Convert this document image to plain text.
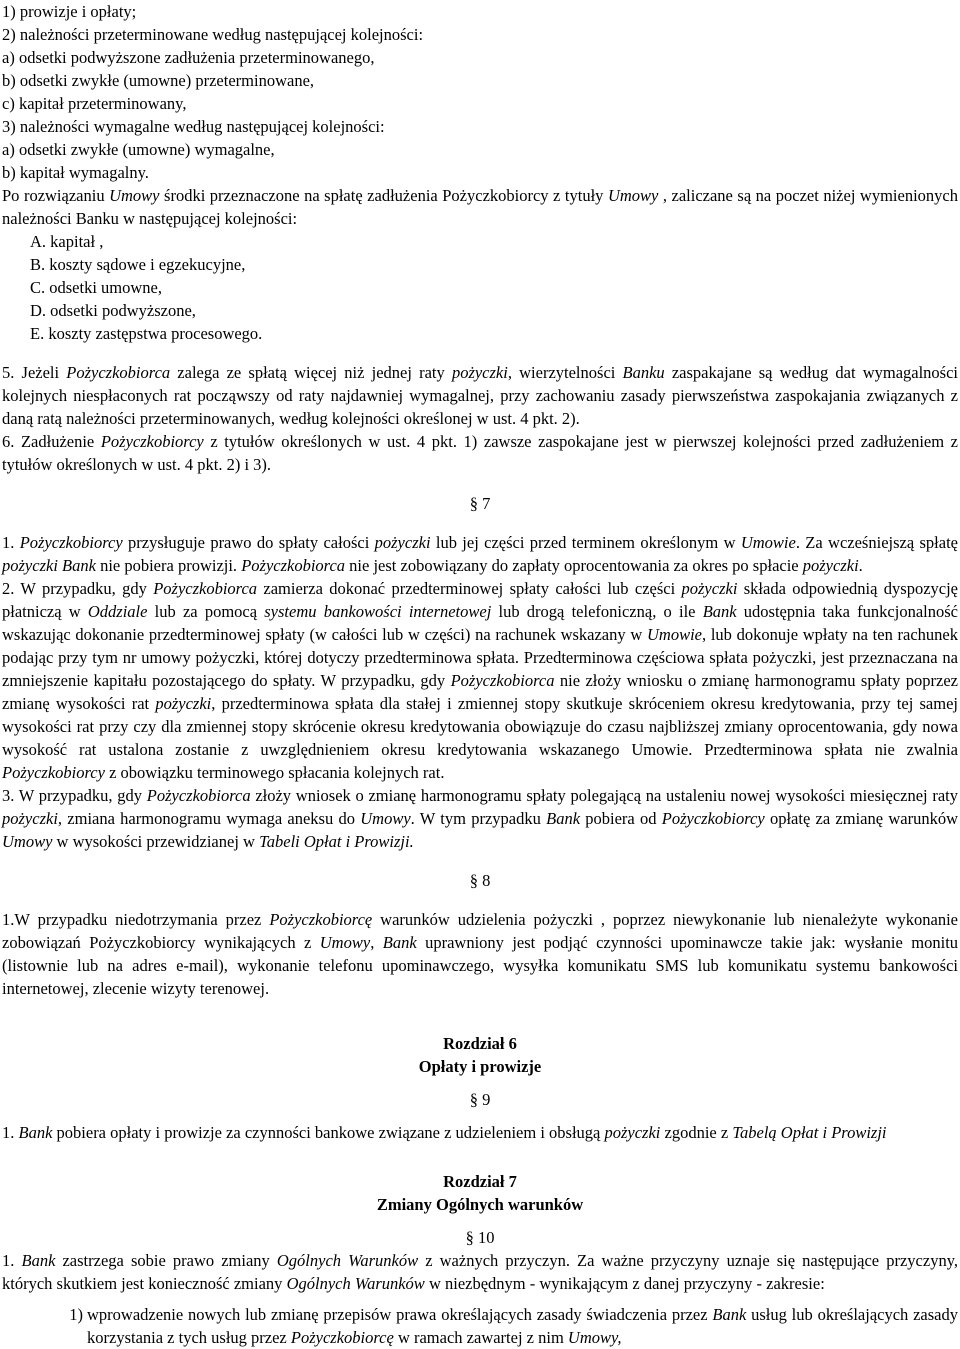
1) prowizje i opłaty;

2) należności przeterminowane według następującej kolejności:

a) odsetki podwyższone zadłużenia przeterminowanego,

b) odsetki zwykłe (umowne) przeterminowane,

c) kapitał przeterminowany,

3) należności wymagalne według następującej kolejności:

a) odsetki zwykłe (umowne) wymagalne,

b) kapitał wymagalny.

Po rozwiązaniu Umowy środki przeznaczone na spłatę zadłużenia Pożyczkobiorcy z tytuły Umowy , zaliczane są na poczet niżej wymienionych należności Banku w następującej kolejności:

A. kapitał ,

B. koszty sądowe i egzekucyjne,

C. odsetki umowne,

D. odsetki podwyższone,

E. koszty zastępstwa procesowego.

5. Jeżeli Pożyczkobiorca zalega ze spłatą więcej niż jednej raty pożyczki, wierzytelności Banku zaspakajane są według dat wymagalności kolejnych niespłaconych rat począwszy od raty najdawniej wymagalnej, przy zachowaniu zasady pierwszeństwa zaspokajania związanych z daną ratą należności przeterminowanych, według kolejności określonej w ust. 4 pkt. 2).

6. Zadłużenie Pożyczkobiorcy z tytułów określonych w ust. 4 pkt. 1) zawsze zaspokajane jest w pierwszej kolejności przed zadłużeniem z tytułów określonych w ust. 4 pkt. 2) i 3).

§ 7

1. Pożyczkobiorcy przysługuje prawo do spłaty całości pożyczki lub jej części przed terminem określonym w Umowie. Za wcześniejszą spłatę pożyczki Bank nie pobiera prowizji. Pożyczkobiorca nie jest zobowiązany do zapłaty oprocentowania za okres po spłacie pożyczki.

2. W przypadku, gdy Pożyczkobiorca zamierza dokonać przedterminowej spłaty całości lub części pożyczki składa odpowiednią dyspozycję płatniczą w Oddziale lub za pomocą systemu bankowości internetowej lub drogą telefoniczną, o ile Bank udostępnia taka funkcjonalność wskazując dokonanie przedterminowej spłaty (w całości lub w części) na rachunek wskazany w Umowie, lub dokonuje wpłaty na ten rachunek podając przy tym nr umowy pożyczki, której dotyczy przedterminowa spłata. Przedterminowa częściowa spłata pożyczki, jest przeznaczana na zmniejszenie kapitału pozostającego do spłaty. W przypadku, gdy Pożyczkobiorca nie złoży wniosku o zmianę harmonogramu spłaty poprzez zmianę wysokości rat pożyczki, przedterminowa spłata dla stałej i zmiennej stopy skutkuje skróceniem okresu kredytowania, przy tej samej wysokości rat przy czy dla zmiennej stopy skrócenie okresu kredytowania obowiązuje do czasu najbliższej zmiany oprocentowania, gdy nowa wysokość rat ustalona zostanie z uwzględnieniem okresu kredytowania wskazanego Umowie. Przedterminowa spłata nie zwalnia Pożyczkobiorcy z obowiązku terminowego spłacania kolejnych rat.

3. W przypadku, gdy Pożyczkobiorca złoży wniosek o zmianę harmonogramu spłaty polegającą na ustaleniu nowej wysokości miesięcznej raty pożyczki, zmiana harmonogramu wymaga aneksu do Umowy. W tym przypadku Bank pobiera od Pożyczkobiorcy opłatę za zmianę warunków Umowy w wysokości przewidzianej w Tabeli Opłat i Prowizji.

§ 8

1.W przypadku niedotrzymania przez Pożyczkobiorcę warunków udzielenia pożyczki , poprzez niewykonanie lub nienależyte wykonanie zobowiązań Pożyczkobiorcy wynikających z Umowy, Bank uprawniony jest podjąć czynności upominawcze takie jak: wysłanie monitu (listownie lub na adres e-mail), wykonanie telefonu upominawczego, wysyłka komunikatu SMS lub komunikatu systemu bankowości internetowej, zlecenie wizyty terenowej.

Rozdział 6

Opłaty i prowizje

§ 9

1. Bank pobiera opłaty i prowizje za czynności bankowe związane z udzieleniem i obsługą pożyczki zgodnie z Tabelą Opłat i Prowizji

Rozdział 7

Zmiany Ogólnych warunków

§ 10

1. Bank zastrzega sobie prawo zmiany Ogólnych Warunków z ważnych przyczyn. Za ważne przyczyny uznaje się następujące przyczyny, których skutkiem jest konieczność zmiany Ogólnych Warunków w niezbędnym - wynikającym z danej przyczyny - zakresie:

1) wprowadzenie nowych lub zmianę przepisów prawa określających zasady świadczenia przez Bank usług lub określających zasady korzystania z tych usług przez Pożyczkobiorcę w ramach zawartej z nim Umowy,
